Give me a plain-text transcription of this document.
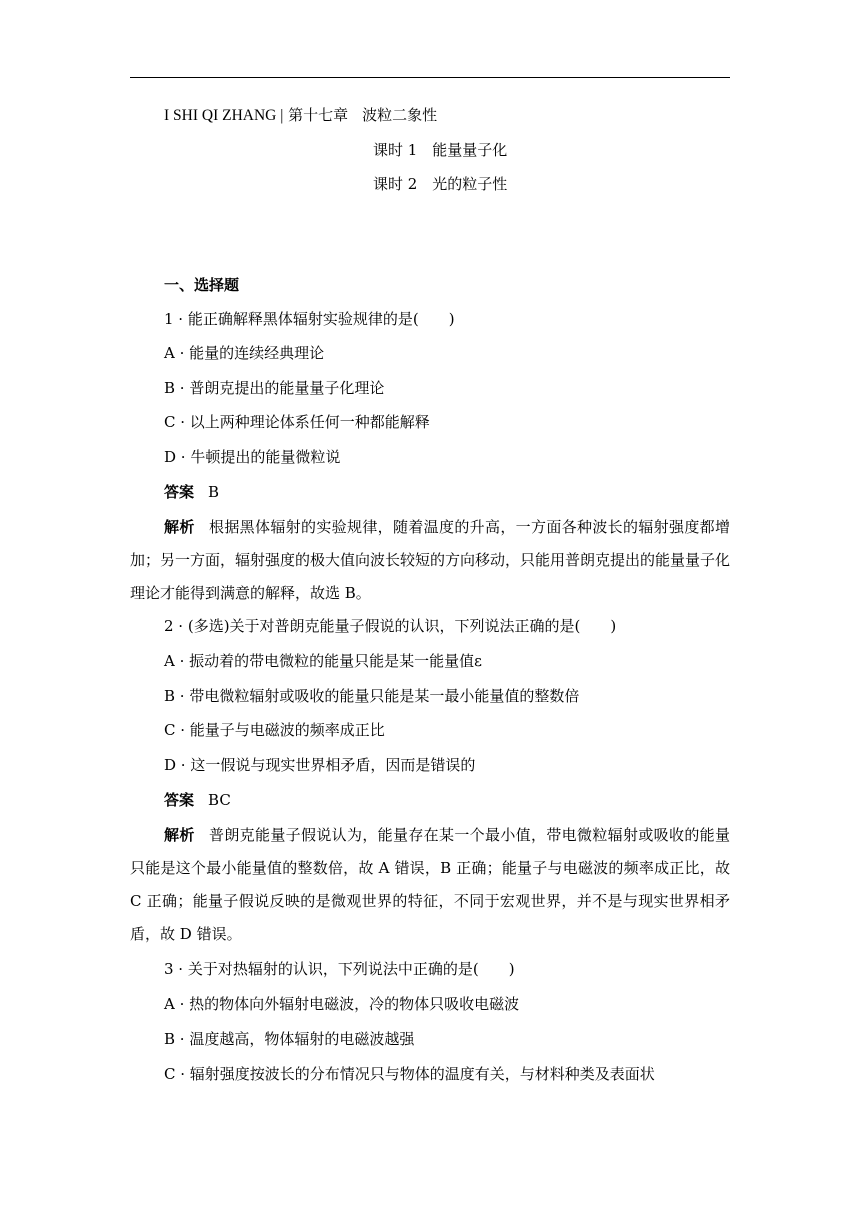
I SHI QI ZHANG | 第十七章 波粒二象性
课时 1　能量量子化
课时 2　光的粒子性
一、选择题
1 · 能正确解释黑体辐射实验规律的是(　　)
A · 能量的连续经典理论
B · 普朗克提出的能量量子化理论
C · 以上两种理论体系任何一种都能解释
D · 牛顿提出的能量微粒说
答案 B
解析 根据黑体辐射的实验规律，随着温度的升高，一方面各种波长的辐射强度都增加；另一方面，辐射强度的极大值向波长较短的方向移动，只能用普朗克提出的能量量子化理论才能得到满意的解释，故选 B。
2 · (多选)关于对普朗克能量子假说的认识，下列说法正确的是(　　)
A · 振动着的带电微粒的能量只能是某一能量值ε
B · 带电微粒辐射或吸收的能量只能是某一最小能量值的整数倍
C · 能量子与电磁波的频率成正比
D · 这一假说与现实世界相矛盾，因而是错误的
答案 BC
解析 普朗克能量子假说认为，能量存在某一个最小值，带电微粒辐射或吸收的能量只能是这个最小能量值的整数倍，故 A 错误，B 正确；能量子与电磁波的频率成正比，故 C 正确；能量子假说反映的是微观世界的特征，不同于宏观世界，并不是与现实世界相矛盾，故 D 错误。
3 · 关于对热辐射的认识，下列说法中正确的是(　　)
A · 热的物体向外辐射电磁波，冷的物体只吸收电磁波
B · 温度越高，物体辐射的电磁波越强
C · 辐射强度按波长的分布情况只与物体的温度有关，与材料种类及表面状
